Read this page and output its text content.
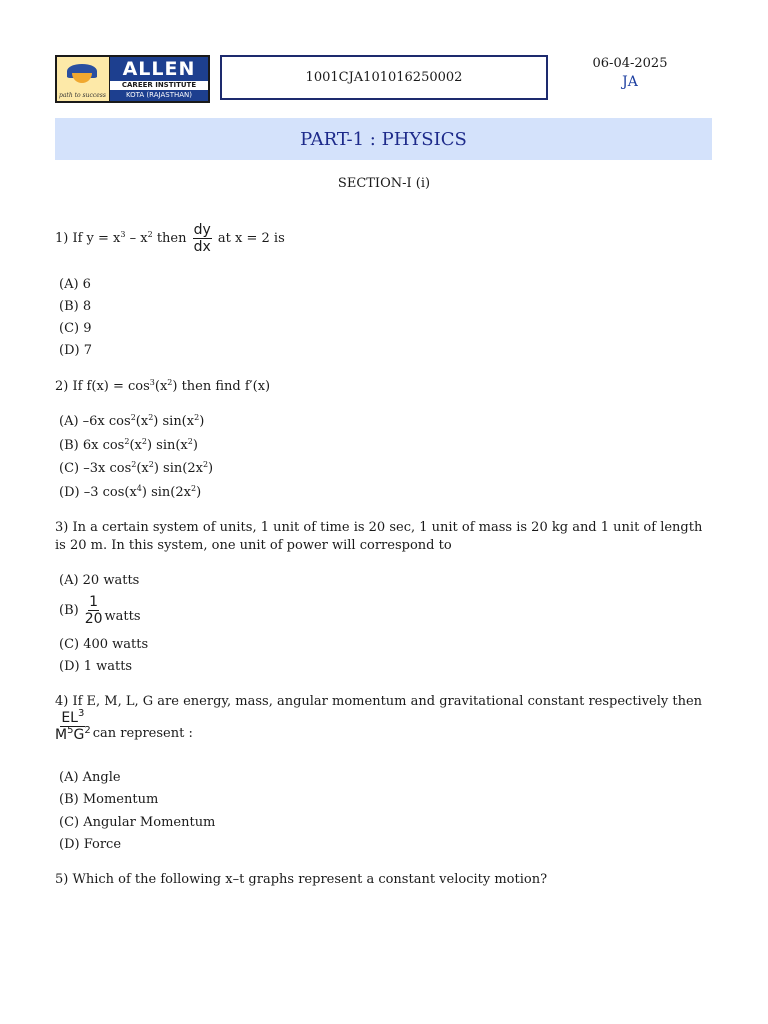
path to success
ALLEN
CAREER INSTITUTE
KOTA (RAJASTHAN)
1001CJA101016250002
06-04-2025
JA
PART-1 : PHYSICS
SECTION-I (i)
1) If $y = x^3 - x^2$ then $\frac{dy}{dx}$ at x = 2 is
(A) 6
(B) 8
(C) 9
(D) 7
2) If $f(x) = \cos^3(x^2)$ then find f′(x)
(A) –6x $\cos^2(x^2)$ $\sin(x^2)$
(B) 6x $\cos^2(x^2)$ $\sin(x^2)$
(C) –3x $\cos^2(x^2)$ $\sin(2x^2)$
(D) –3 $\cos(x^4)$ $\sin(2x^2)$
3) In a certain system of units, 1 unit of time is 20 sec, 1 unit of mass is 20 kg and 1 unit of length is 20 m. In this system, one unit of power will correspond to
(A) 20 watts
$(B) \frac{1}{20}$ watts
(C) 400 watts
(D) 1 watts
4) If E, M, L, G are energy, mass, angular momentum and gravitational constant respectively then
$\frac{EL^3}{M^5G^2}$ can represent :
(A) Angle
(B) Momentum
(C) Angular Momentum
(D) Force
5) Which of the following x–t graphs represent a constant velocity motion?
